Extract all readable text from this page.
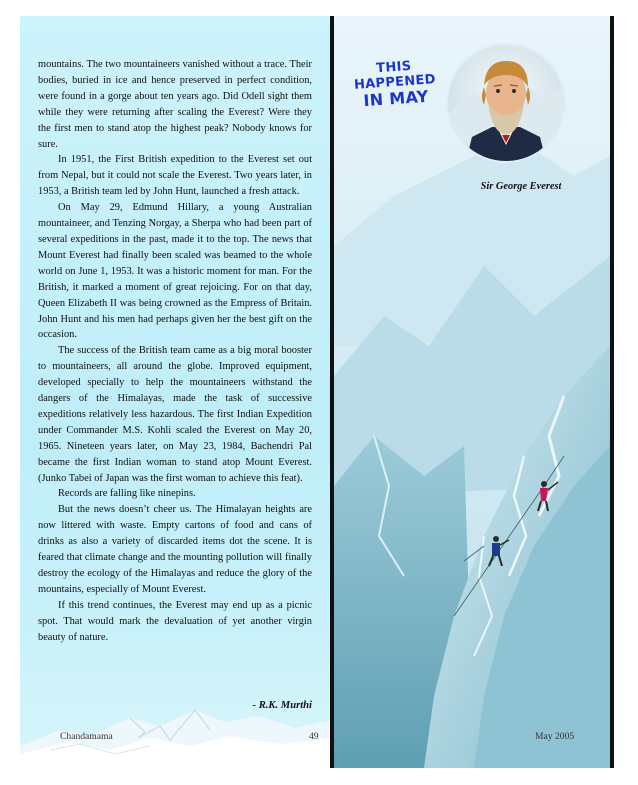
mountains. The two mountaineers vanished without a trace. Their bodies, buried in ice and hence preserved in perfect condition, were found in a gorge about ten years ago. Did Odell sight them while they were returning after scaling the Everest? Were they the first men to stand atop the highest peak? Nobody knows for sure.

In 1951, the First British expedition to the Everest set out from Nepal, but it could not scale the Everest. Two years later, in 1953, a British team led by John Hunt, launched a fresh attack.

On May 29, Edmund Hillary, a young Australian mountaineer, and Tenzing Norgay, a Sherpa who had been part of several expeditions in the past, made it to the top. The news that Mount Everest had finally been scaled was beamed to the whole world on June 1, 1953. It was a historic moment for man. For the British, it marked a moment of great rejoicing. For on that day, Queen Elizabeth II was being crowned as the Empress of Britain. John Hunt and his men had perhaps given her the best gift on the occasion.

The success of the British team came as a big moral booster to mountaineers, all around the globe. Improved equipment, developed specially to help the mountaineers withstand the dangers of the Himalayas, made the task of successive expeditions relatively less hazardous. The first Indian Expedition under Commander M.S. Kohli scaled the Everest on May 20, 1965. Nineteen years later, on May 23, 1984, Bachendri Pal became the first Indian woman to stand atop Mount Everest. (Junko Tabei of Japan was the first woman to achieve this feat).

Records are falling like ninepins.

But the news doesn’t cheer us. The Himalayan heights are now littered with waste. Empty cartons of food and cans of drinks as also a variety of discarded items dot the scene. It is feared that climate change and the mounting pollution will finally destroy the ecology of the Himalayas and reduce the glory of the mountains, especially of Mount Everest.

If this trend continues, the Everest may end up as a picnic spot. That would mark the devaluation of yet another virgin beauty of nature.

- R.K. Murthi
Chandamama	49	May 2005
THIS HAPPENED
IN MAY
Sir George Everest
